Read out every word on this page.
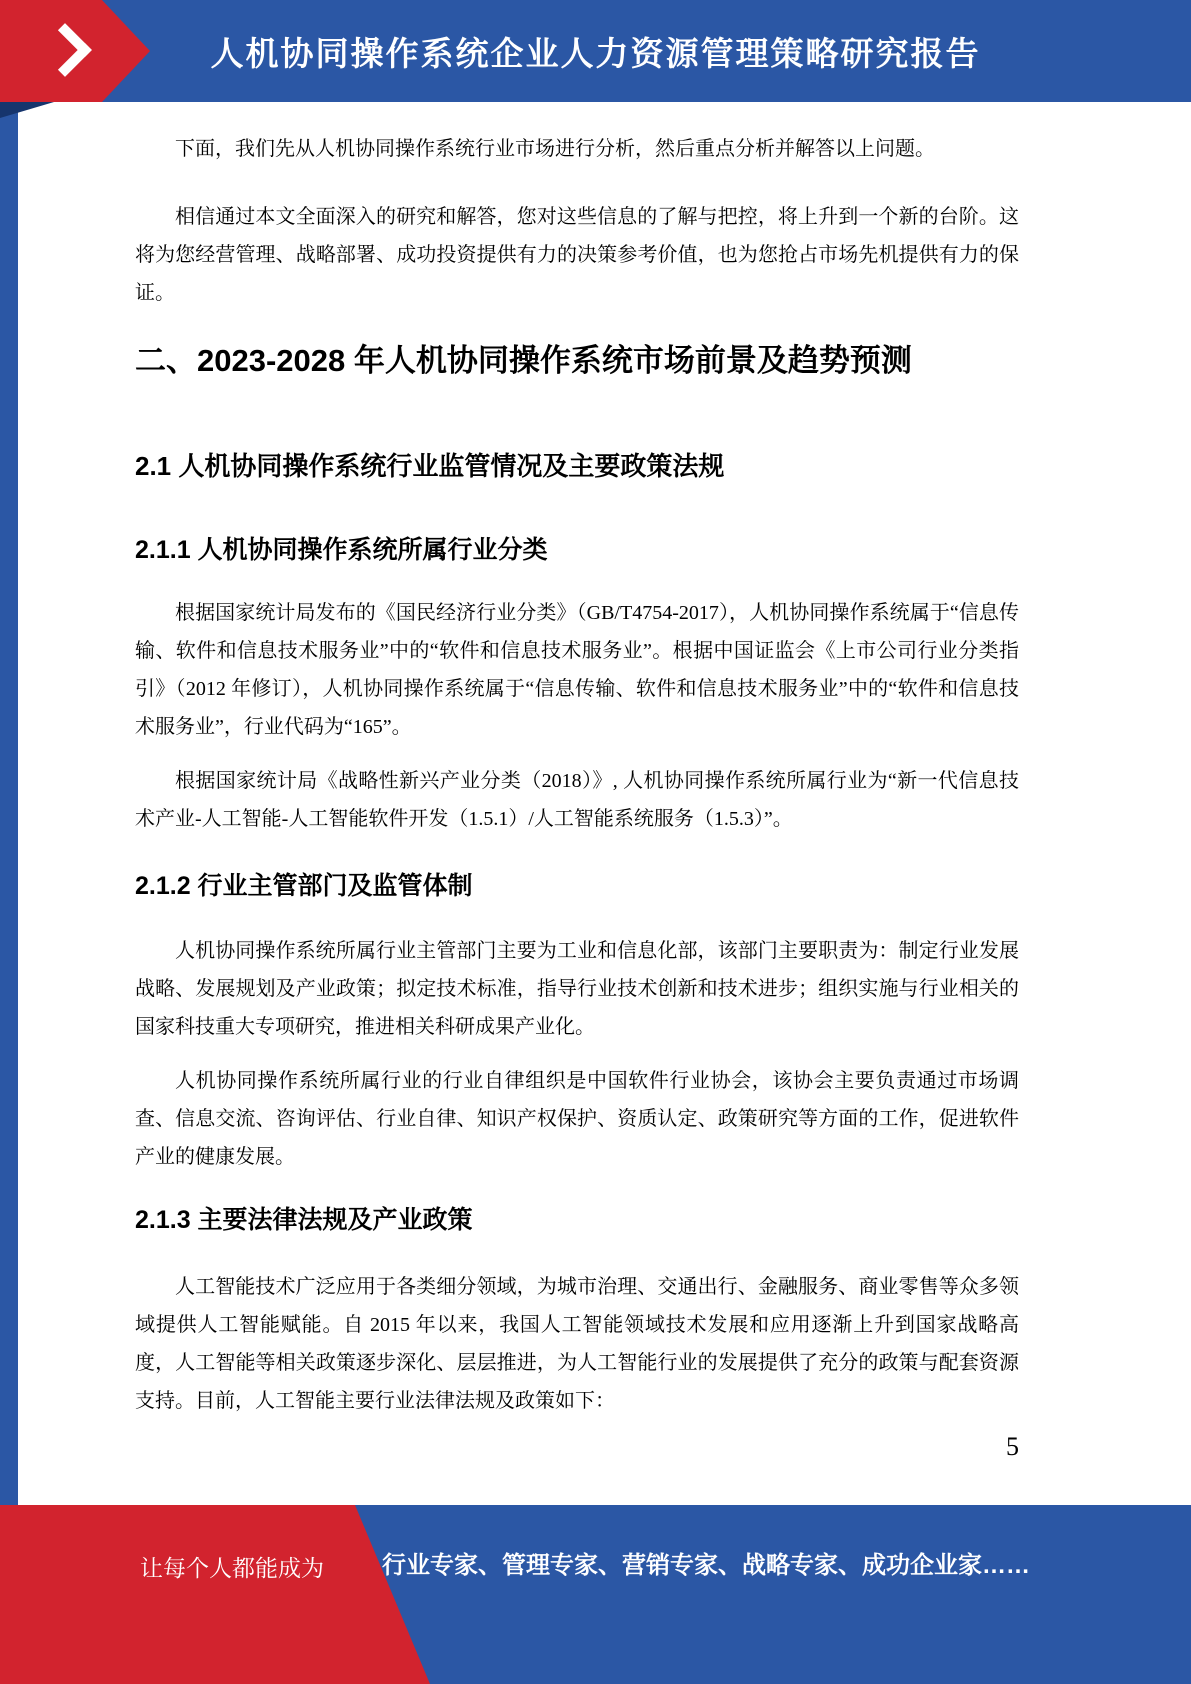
人机协同操作系统企业人力资源管理策略研究报告

下面，我们先从人机协同操作系统行业市场进行分析，然后重点分析并解答以上问题。

相信通过本文全面深入的研究和解答，您对这些信息的了解与把控，将上升到一个新的台阶。这将为您经营管理、战略部署、成功投资提供有力的决策参考价值，也为您抢占市场先机提供有力的保证。

二、2023-2028 年人机协同操作系统市场前景及趋势预测
2.1 人机协同操作系统行业监管情况及主要政策法规
2.1.1 人机协同操作系统所属行业分类

根据国家统计局发布的《国民经济行业分类》（GB/T4754-2017），人机协同操作系统属于“信息传输、软件和信息技术服务业”中的“软件和信息技术服务业”。根据中国证监会《上市公司行业分类指引》（2012 年修订），人机协同操作系统属于“信息传输、软件和信息技术服务业”中的“软件和信息技术服务业”，行业代码为“165”。

根据国家统计局《战略性新兴产业分类（2018）》, 人机协同操作系统所属行业为“新一代信息技术产业-人工智能-人工智能软件开发（1.5.1）/人工智能系统服务（1.5.3）”。

2.1.2 行业主管部门及监管体制

人机协同操作系统所属行业主管部门主要为工业和信息化部，该部门主要职责为：制定行业发展战略、发展规划及产业政策；拟定技术标准，指导行业技术创新和技术进步；组织实施与行业相关的国家科技重大专项研究，推进相关科研成果产业化。

人机协同操作系统所属行业的行业自律组织是中国软件行业协会，该协会主要负责通过市场调查、信息交流、咨询评估、行业自律、知识产权保护、资质认定、政策研究等方面的工作，促进软件产业的健康发展。

2.1.3 主要法律法规及产业政策

人工智能技术广泛应用于各类细分领域，为城市治理、交通出行、金融服务、商业零售等众多领域提供人工智能赋能。自 2015 年以来，我国人工智能领域技术发展和应用逐渐上升到国家战略高度，人工智能等相关政策逐步深化、层层推进，为人工智能行业的发展提供了充分的政策与配套资源支持。目前，人工智能主要行业法律法规及政策如下：

5
让每个人都能成为 行业专家、管理专家、营销专家、战略专家、成功企业家……
